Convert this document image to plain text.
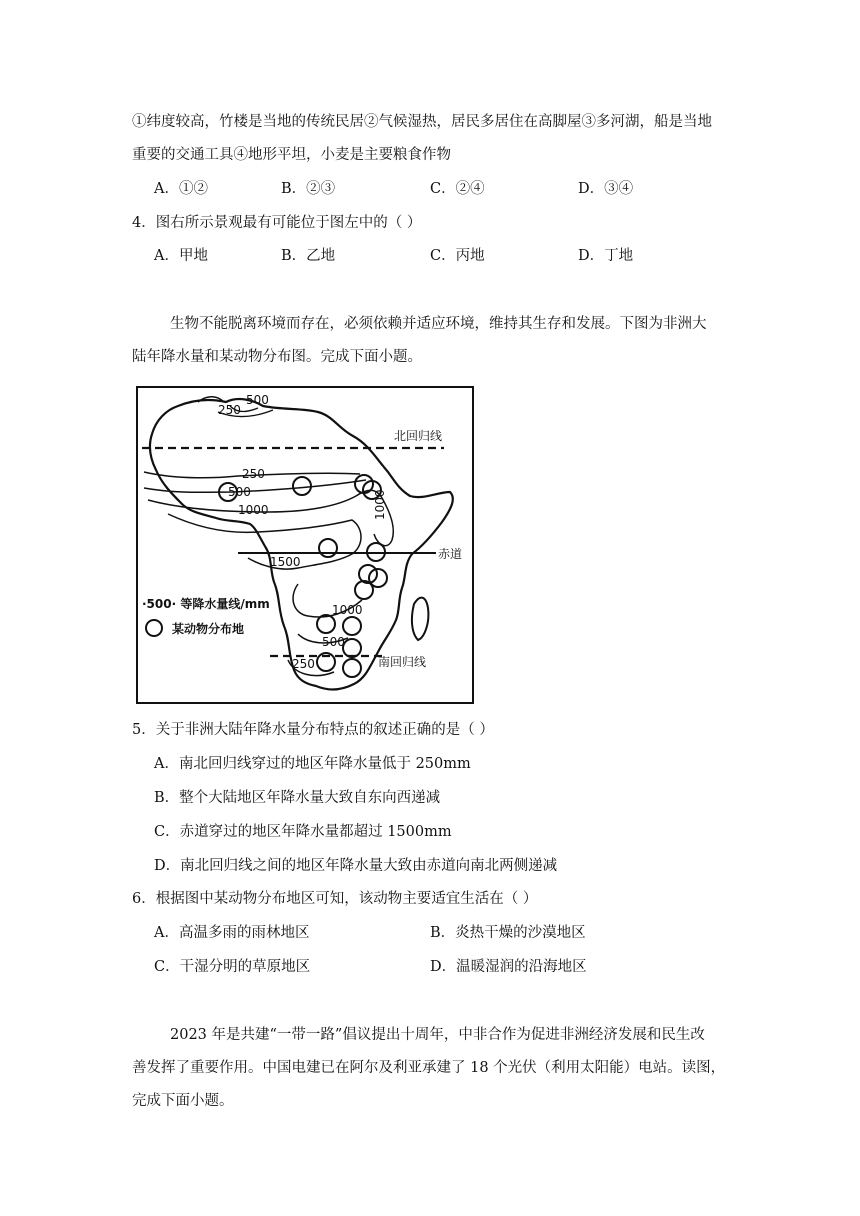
①纬度较高，竹楼是当地的传统民居②气候湿热，居民多居住在高脚屋③多河湖，船是当地
重要的交通工具④地形平坦，小麦是主要粮食作物
A．①②	B．②③	C．②④	D．③④
4．图右所示景观最有可能位于图左中的（ ）
A．甲地	B．乙地	C．丙地	D．丁地
生物不能脱离环境而存在，必须依赖并适应环境，维持其生存和发展。下图为非洲大
陆年降水量和某动物分布图。完成下面小题。
500
250
250
500
1000	1000
1500
1000
500
250
北回归线
赤道
南回归线
·500· 等降水量线/mm
某动物分布地
5．关于非洲大陆年降水量分布特点的叙述正确的是（ ）
A．南北回归线穿过的地区年降水量低于 250mm
B．整个大陆地区年降水量大致自东向西递减
C．赤道穿过的地区年降水量都超过 1500mm
D．南北回归线之间的地区年降水量大致由赤道向南北两侧递减
6．根据图中某动物分布地区可知，该动物主要适宜生活在（ ）
A．高温多雨的雨林地区	B．炎热干燥的沙漠地区
C．干湿分明的草原地区	D．温暖湿润的沿海地区
2023 年是共建“一带一路”倡议提出十周年，中非合作为促进非洲经济发展和民生改
善发挥了重要作用。中国电建已在阿尔及利亚承建了 18 个光伏（利用太阳能）电站。读图，
完成下面小题。
